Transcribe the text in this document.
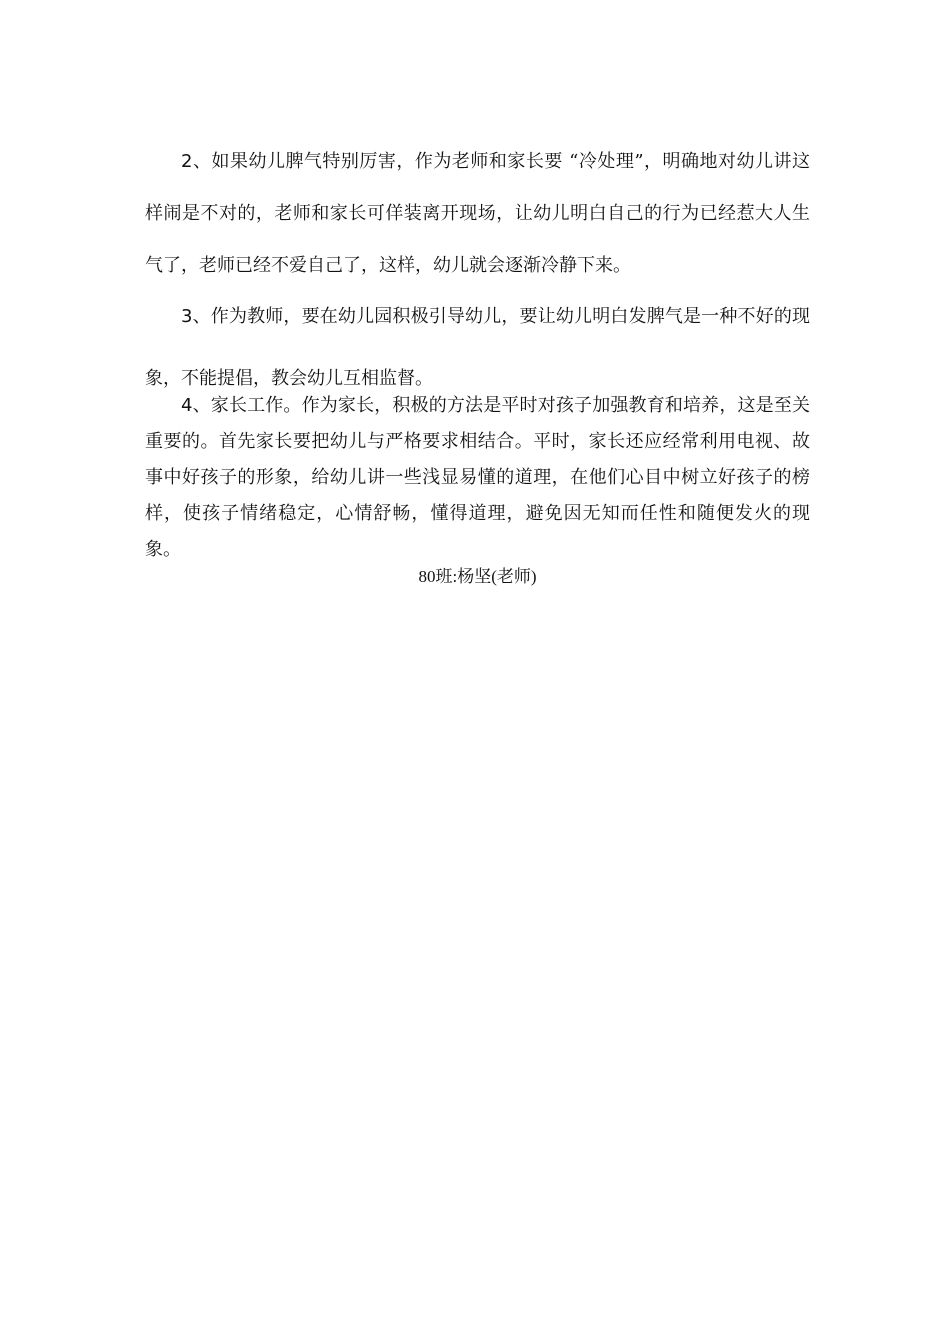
2、如果幼儿脾气特别厉害，作为老师和家长要 “冷处理”，明确地对幼儿讲这样闹是不对的，老师和家长可佯装离开现场，让幼儿明白自己的行为已经惹大人生气了，老师已经不爱自己了，这样，幼儿就会逐渐冷静下来。

3、作为教师，要在幼儿园积极引导幼儿，要让幼儿明白发脾气是一种不好的现象，不能提倡，教会幼儿互相监督。

4、家长工作。作为家长，积极的方法是平时对孩子加强教育和培养，这是至关重要的。首先家长要把幼儿与严格要求相结合。平时，家长还应经常利用电视、故事中好孩子的形象，给幼儿讲一些浅显易懂的道理，在他们心目中树立好孩子的榜样，使孩子情绪稳定，心情舒畅，懂得道理，避免因无知而任性和随便发火的现象。

80班:杨坚(老师)
